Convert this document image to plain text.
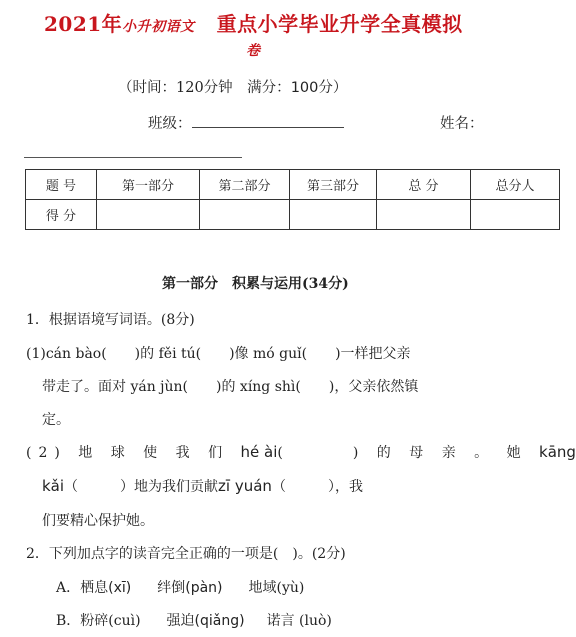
2021年小升初语文 重点小学毕业升学全真模拟
卷
（时间：120分钟　满分：100分）
班级：	姓名：
题 号	第一部分	第二部分	第三部分	总 分	总分人
得 分					
第一部分　积累与运用(34分)
1．根据语境写词语。(8分)
(1)cán bào(　　)的 fěi tú(　　)像 mó guǐ(　　)一样把父亲
带走了。面对 yán jùn(　　)的 xíng shì(　　)，父亲依然镇
定。
(2) 地 球 使 我 们 hé ài(　　　) 的 母 亲 。 她 kāng
kǎi（　　　）地为我们贡献zī yuán（　　　），我
们要精心保护她。
2．下列加点字的读音完全正确的一项是(　)。(2分)
A．栖息(xī) 绊倒(pàn) 地域(yù)
B．粉碎(cuì) 强迫(qiǎng) 诺言 (luò)
